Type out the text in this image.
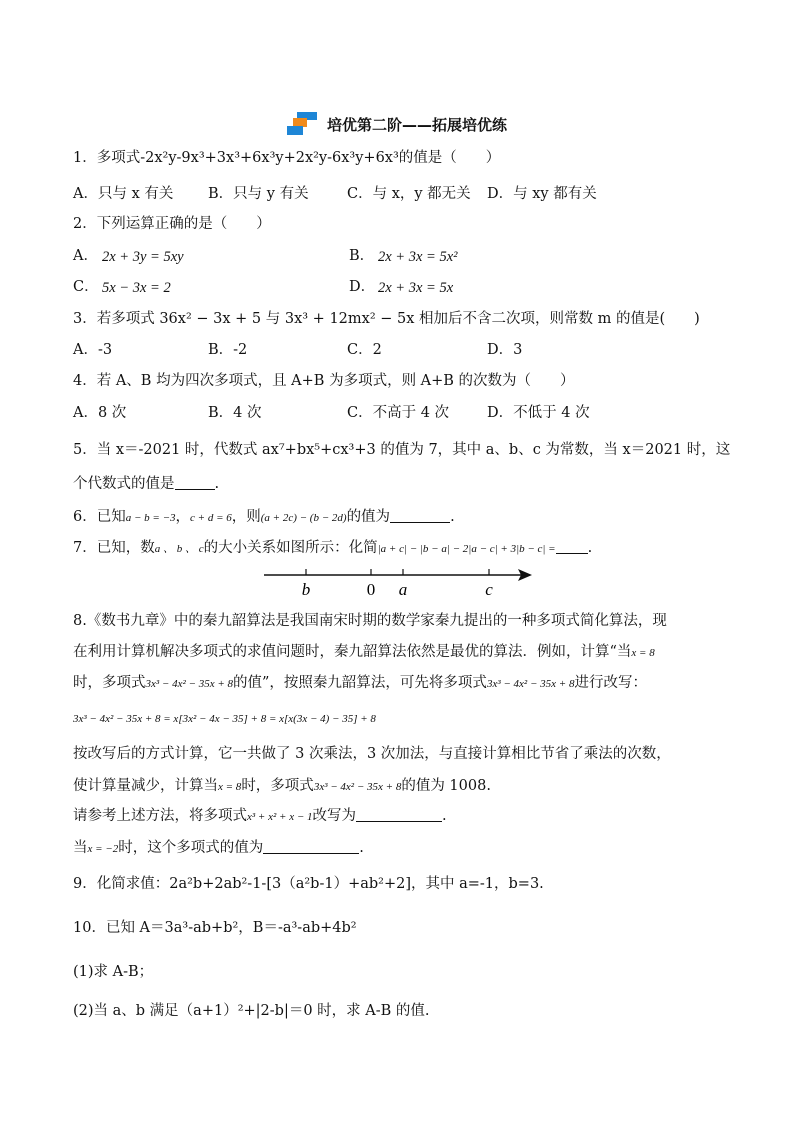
培优第二阶——拓展培优练
1．多项式-2x²y-9x³+3x³+6x³y+2x²y-6x³y+6x³的值是（　　）
A．只与 x 有关 B．只与 y 有关	C．与 x，y 都无关 D．与 xy 都有关
2．下列运算正确的是（　　）
A． 2x + 3y = 5xy	B． 2x + 3x = 5x²
C． 5x − 3x = 2	D． 2x + 3x = 5x
3．若多项式 36x² − 3x + 5 与 3x³ + 12mx² − 5x 相加后不含二次项，则常数 m 的值是(　　)
A．-3	B．-2	C．2	D．3
4．若 A、B 均为四次多项式，且 A+B 为多项式，则 A+B 的次数为（　　）
A．8 次	B．4 次	C．不高于 4 次	D．不低于 4 次
5．当 x＝-2021 时，代数式 ax⁷+bx⁵+cx³+3 的值为 7，其中 a、b、c 为常数，当 x＝2021 时，这
个代数式的值是	.
6．已知a − b = −3，c + d = 6，则(a + 2c) − (b − 2d)的值为	.
7．已知，数a 、 b 、 c的大小关系如图所示：化简|a + c| − |b − a| − 2|a − c| + 3|b − c| = .
b	0 a	c
8.《数书九章》中的秦九韶算法是我国南宋时期的数学家秦九提出的一种多项式简化算法，现
在利用计算机解决多项式的求值问题时，秦九韶算法依然是最优的算法．例如，计算“当x = 8
时，多项式3x³ − 4x² − 35x + 8的值”，按照秦九韶算法，可先将多项式3x³ − 4x² − 35x + 8进行改写：
3x³ − 4x² − 35x + 8 = x[3x² − 4x − 35] + 8 = x[x(3x − 4) − 35] + 8
按改写后的方式计算，它一共做了 3 次乘法，3 次加法，与直接计算相比节省了乘法的次数，
使计算量减少，计算当x = 8时，多项式3x³ − 4x² − 35x + 8的值为 1008.
请参考上述方法，将多项式x³ + x² + x − 1改写为	.
当x = −2时，这个多项式的值为	.
9．化简求值：2a²b+2ab²-1-[3（a²b-1）+ab²+2]，其中 a=-1，b=3.
10．已知 A＝3a³-ab+b²，B＝-a³-ab+4b²
(1)求 A-B；
(2)当 a、b 满足（a+1）²+|2-b|＝0 时，求 A-B 的值.
